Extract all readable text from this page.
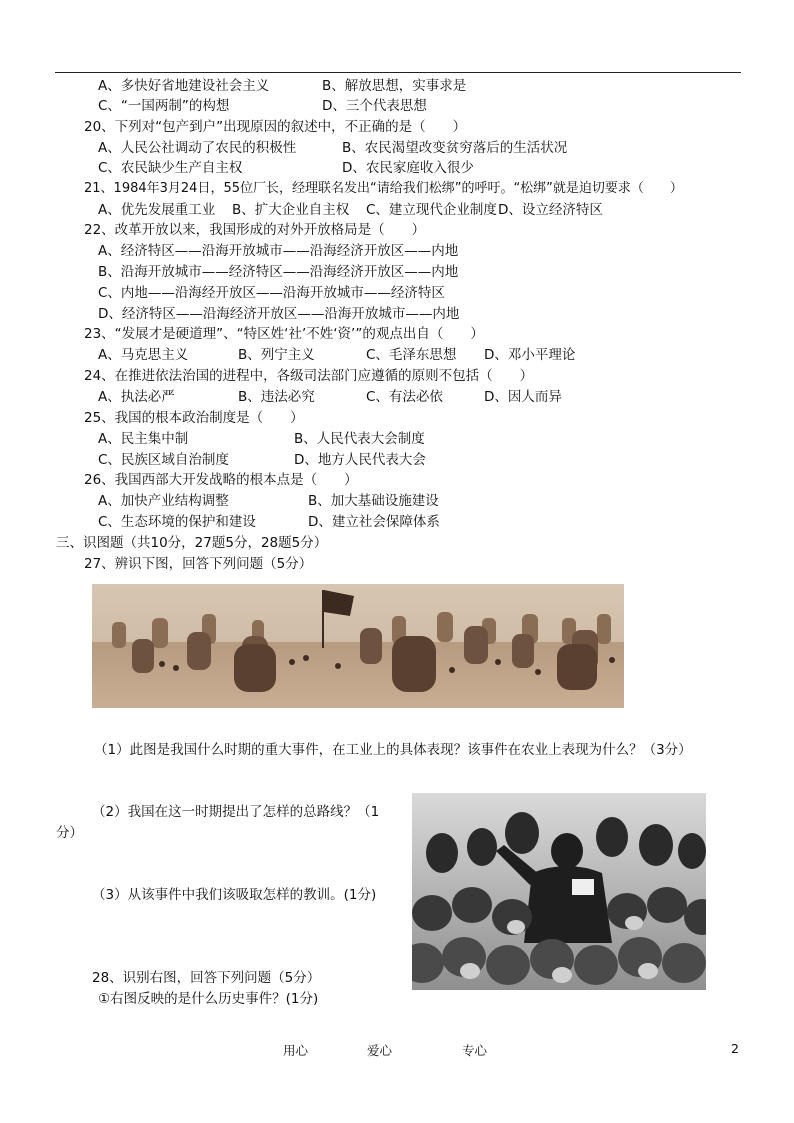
A、多快好省地建设社会主义	B、解放思想，实事求是
C、“一国两制”的构想	D、三个代表思想
20、下列对“包产到户”出现原因的叙述中，不正确的是（　　）
A、人民公社调动了农民的积极性	B、农民渴望改变贫穷落后的生活状况
C、农民缺少生产自主权	D、农民家庭收入很少
21、1984年3月24日，55位厂长，经理联名发出“请给我们松绑”的呼吁。“松绑”就是迫切要求（　　）
A、优先发展重工业 B、扩大企业自主权 C、建立现代企业制度 D、设立经济特区
22、改革开放以来，我国形成的对外开放格局是（　　）
A、经济特区——沿海开放城市——沿海经济开放区——内地
B、沿海开放城市——经济特区——沿海经济开放区——内地
C、内地——沿海经开放区——沿海开放城市——经济特区
D、经济特区——沿海经济开放区——沿海开放城市——内地
23、“发展才是硬道理”、“特区姓‘社’不姓‘资’”的观点出自（　　）
A、马克思主义	B、列宁主义	C、毛泽东思想 D、邓小平理论
24、在推进依法治国的进程中，各级司法部门应遵循的原则不包括（　　）
A、执法必严	B、违法必究	C、有法必依	D、因人而异
25、我国的根本政治制度是（　　）
A、民主集中制	B、人民代表大会制度
C、民族区域自治制度	D、地方人民代表大会
26、我国西部大开发战略的根本点是（　　）
A、加快产业结构调整	B、加大基础设施建设
C、生态环境的保护和建设	D、建立社会保障体系
三、识图题（共10分，27题5分，28题5分）
27、辨识下图，回答下列问题（5分）
（1）此图是我国什么时期的重大事件，在工业上的具体表现？该事件在农业上表现为什么？（3分）
（2）我国在这一时期提出了怎样的总路线？（1
分）
（3）从该事件中我们该吸取怎样的教训。(1分)
28、识别右图，回答下列问题（5分）
①右图反映的是什么历史事件？(1分)
用心	爱心	专心	2
